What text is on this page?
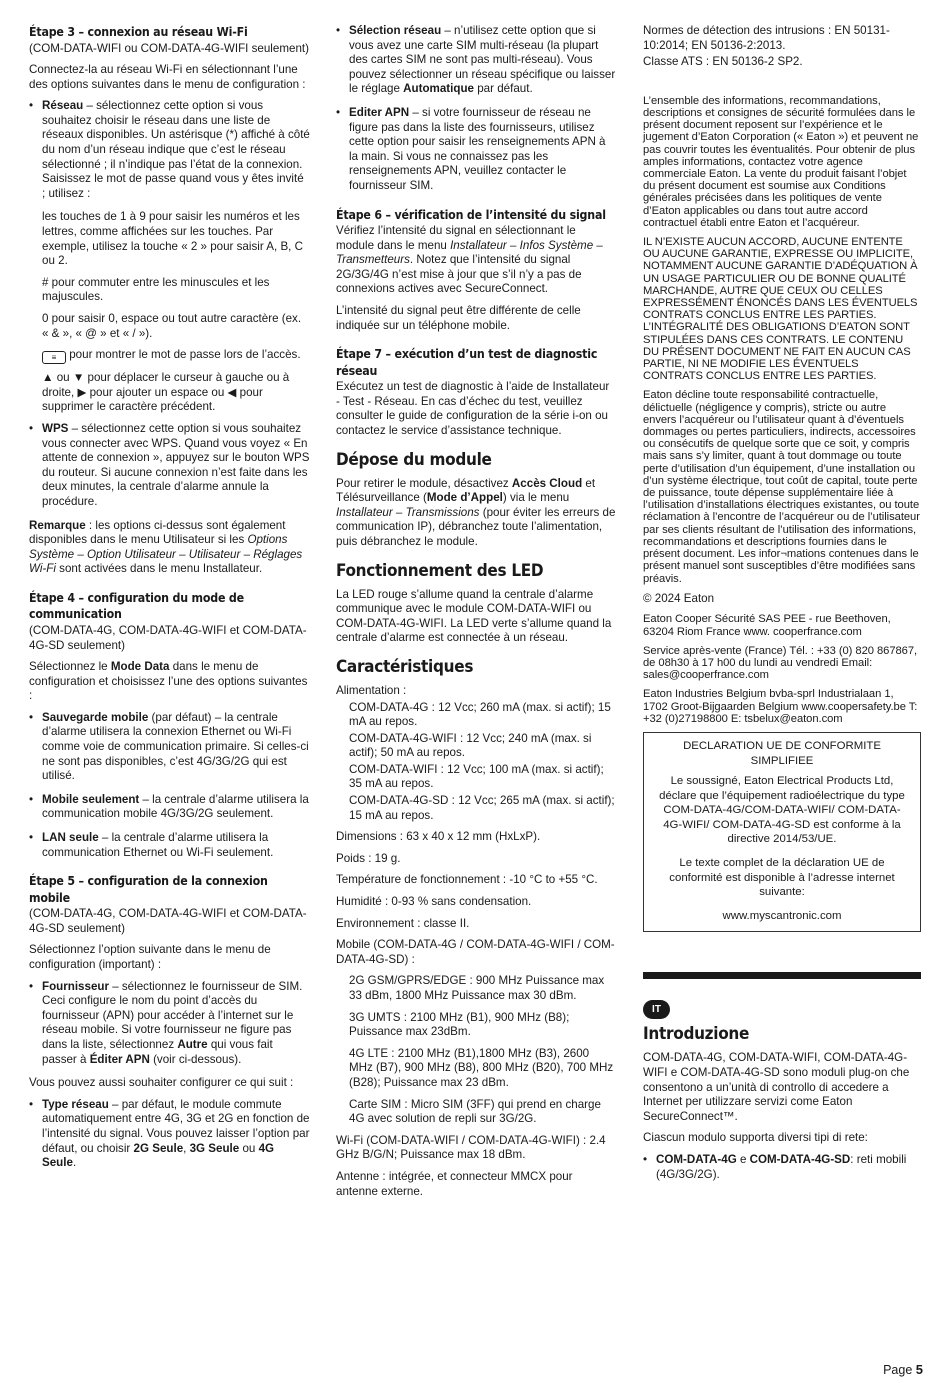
Étape 3 – connexion au réseau Wi-Fi

(COM-DATA-WIFI ou COM-DATA-4G-WIFI seulement)

Connectez-la au réseau Wi-Fi en sélectionnant l’une des options suivantes dans le menu de configuration :

• Réseau – sélectionnez cette option si vous souhaitez choisir le réseau dans une liste de réseaux disponibles. Un astérisque (*) affiché à côté du nom d’un réseau indique que c’est le réseau sélectionné ; il n’indique pas l’état de la connexion. Saisissez le mot de passe quand vous y êtes invité ; utilisez :

les touches de 1 à 9 pour saisir les numéros et les lettres, comme affichées sur les touches. Par exemple, utilisez la touche « 2 » pour saisir A, B, C ou 2.

# pour commuter entre les minuscules et les majuscules.

0 pour saisir 0, espace ou tout autre caractère (ex. « & », « @ » et « / »).

≡ pour montrer le mot de passe lors de l’accès.

▲ ou ▼ pour déplacer le curseur à gauche ou à droite, ▶ pour ajouter un espace ou ◀ pour supprimer le caractère précédent.

• WPS – sélectionnez cette option si vous souhaitez vous connecter avec WPS. Quand vous voyez « En attente de connexion », appuyez sur le bouton WPS du routeur. Si aucune connexion n’est faite dans les deux minutes, la centrale d’alarme annule la procédure.

Remarque : les options ci-dessus sont également disponibles dans le menu Utilisateur si les Options Système – Option Utilisateur – Utilisateur – Réglages Wi-Fi sont activées dans le menu Installateur.

Étape 4 – configuration du mode de communication

(COM-DATA-4G, COM-DATA-4G-WIFI et COM-DATA-4G-SD seulement)

Sélectionnez le Mode Data dans le menu de configuration et choisissez l’une des options suivantes :

• Sauvegarde mobile (par défaut) – la centrale d’alarme utilisera la connexion Ethernet ou Wi-Fi comme voie de communication primaire. Si celles-ci ne sont pas disponibles, c’est 4G/3G/2G qui est utilisé.
• Mobile seulement – la centrale d’alarme utilisera la communication mobile 4G/3G/2G seulement.
• LAN seule – la centrale d’alarme utilisera la communication Ethernet ou Wi-Fi seulement.
Étape 5 – configuration de la connexion mobile

(COM-DATA-4G, COM-DATA-4G-WIFI et COM-DATA-4G-SD seulement)

Sélectionnez l’option suivante dans le menu de configuration (important) :

• Fournisseur – sélectionnez le fournisseur de SIM. Ceci configure le nom du point d’accès du fournisseur (APN) pour accéder à l’internet sur le réseau mobile. Si votre fournisseur ne figure pas dans la liste, sélectionnez Autre qui vous fait passer à Éditer APN (voir ci-dessous).

Vous pouvez aussi souhaiter configurer ce qui suit :

• Type réseau – par défaut, le module commute automatiquement entre 4G, 3G et 2G en fonction de l’intensité du signal. Vous pouvez laisser l’option par défaut, ou choisir 2G Seule, 3G Seule ou 4G Seule.
• Sélection réseau – n’utilisez cette option que si vous avez une carte SIM multi-réseau (la plupart des cartes SIM ne sont pas multi-réseau). Vous pouvez sélectionner un réseau spécifique ou laisser le réglage Automatique par défaut.
• Editer APN – si votre fournisseur de réseau ne figure pas dans la liste des fournisseurs, utilisez cette option pour saisir les renseignements APN à la main. Si vous ne connaissez pas les renseignements APN, veuillez contacter le fournisseur SIM.
Étape 6 – vérification de l’intensité du signal

Vérifiez l’intensité du signal en sélectionnant le module dans le menu Installateur – Infos Système – Transmetteurs. Notez que l’intensité du signal 2G/3G/4G n’est mise à jour que s’il n’y a pas de connexions actives avec SecureConnect.

L’intensité du signal peut être différente de celle indiquée sur un téléphone mobile.

Étape 7 – exécution d’un test de diagnostic réseau

Exécutez un test de diagnostic à l’aide de Installateur - Test - Réseau. En cas d’échec du test, veuillez consulter le guide de configuration de la série i-on ou contactez le service d’assistance technique.

Dépose du module

Pour retirer le module, désactivez Accès Cloud et Télésurveillance (Mode d’Appel) via le menu Installateur – Transmissions (pour éviter les erreurs de communication IP), débranchez toute l’alimentation, puis débranchez le module.

Fonctionnement des LED

La LED rouge s’allume quand la centrale d’alarme communique avec le module COM-DATA-WIFI ou COM-DATA-4G-WIFI. La LED verte s’allume quand la centrale d’alarme est connectée à un réseau.

Caractéristiques

Alimentation :

COM-DATA-4G : 12 Vcc; 260 mA (max. si actif); 15 mA au repos.

COM-DATA-4G-WIFI : 12 Vcc; 240 mA (max. si actif); 50 mA au repos.

COM-DATA-WIFI : 12 Vcc; 100 mA (max. si actif); 35 mA au repos.

COM-DATA-4G-SD : 12 Vcc; 265 mA (max. si actif); 15 mA au repos.

Dimensions : 63 x 40 x 12 mm (HxLxP).

Poids : 19 g.

Température de fonctionnement : -10 °C to +55 °C.

Humidité : 0-93 % sans condensation.

Environnement : classe II.

Mobile (COM-DATA-4G / COM-DATA-4G-WIFI / COM-DATA-4G-SD) :

2G GSM/GPRS/EDGE : 900 MHz Puissance max 33 dBm, 1800 MHz Puissance max 30 dBm.

3G UMTS : 2100 MHz (B1), 900 MHz (B8); Puissance max 23dBm.

4G LTE : 2100 MHz (B1),1800 MHz (B3), 2600 MHz (B7), 900 MHz (B8), 800 MHz (B20), 700 MHz (B28); Puissance max 23 dBm.

Carte SIM : Micro SIM (3FF) qui prend en charge 4G avec solution de repli sur 3G/2G.

Wi-Fi (COM-DATA-WIFI / COM-DATA-4G-WIFI) : 2.4 GHz B/G/N; Puissance max 18 dBm.

Antenne : intégrée, et connecteur MMCX pour antenne externe.

Normes de détection des intrusions : EN 50131-10:2014; EN 50136-2:2013.

Classe ATS : EN 50136-2 SP2.

L’ensemble des informations, recommandations, descriptions et consignes de sécurité formulées dans le présent document reposent sur l’expérience et le jugement d’Eaton Corporation (« Eaton ») et peuvent ne pas couvrir toutes les éventualités. Pour obtenir de plus amples informations, contactez votre agence commerciale Eaton. La vente du produit faisant l’objet du présent document est soumise aux Conditions générales précisées dans les politiques de vente d’Eaton applicables ou dans tout autre accord contractuel établi entre Eaton et l’acquéreur.

IL N’EXISTE AUCUN ACCORD, AUCUNE ENTENTE OU AUCUNE GARANTIE, EXPRESSE OU IMPLICITE, NOTAMMENT AUCUNE GARANTIE D’ADÉQUATION À UN USAGE PARTICULIER OU DE BONNE QUALITÉ MARCHANDE, AUTRE QUE CEUX OU CELLES EXPRESSÉMENT ÉNONCÉS DANS LES ÉVENTUELS CONTRATS CONCLUS ENTRE LES PARTIES. L’INTÉGRALITÉ DES OBLIGATIONS D’EATON SONT STIPULÉES DANS CES CONTRATS. LE CONTENU DU PRÉSENT DOCUMENT NE FAIT EN AUCUN CAS PARTIE, NI NE MODIFIE LES ÉVENTUELS CONTRATS CONCLUS ENTRE LES PARTIES.

Eaton décline toute responsabilité contractuelle, délictuelle (négligence y compris), stricte ou autre envers l’acquéreur ou l’utilisateur quant à d’éventuels dommages ou pertes particuliers, indirects, accessoires ou consécutifs de quelque sorte que ce soit, y compris mais sans s’y limiter, quant à tout dommage ou toute perte d’utilisation d’un équipement, d’une installation ou d’un système électrique, tout coût de capital, toute perte de puissance, toute dépense supplémentaire liée à l’utilisation d’installations électriques existantes, ou toute réclamation à l’encontre de l’acquéreur ou de l’utilisateur par ses clients résultant de l’utilisation des informations, recommandations et descriptions fournies dans le présent document. Les infor¬mations contenues dans le présent manuel sont susceptibles d’être modifiées sans préavis.

© 2024 Eaton

Eaton Cooper Sécurité SAS PEE - rue Beethoven, 63204 Riom France www. cooperfrance.com

Service après-vente (France) Tél. : +33 (0) 820 867867, de 08h30 à 17 h00 du lundi au vendredi Email: sales@cooperfrance.com

Eaton Industries Belgium bvba-sprl Industrialaan 1, 1702 Groot-Bijgaarden Belgium www.coopersafety.be T: +32 (0)27198800 E: tsbelux@eaton.com

DECLARATION UE DE CONFORMITE SIMPLIFIEE

Le soussigné, Eaton Electrical Products Ltd, déclare que l’équipement radioélectrique du type COM-DATA-4G/COM-DATA-WIFI/ COM-DATA-4G-WIFI/ COM-DATA-4G-SD est conforme à la directive 2014/53/UE.

Le texte complet de la déclaration UE de conformité est disponible à l’adresse internet suivante:

www.myscantronic.com

IT
Introduzione

COM-DATA-4G, COM-DATA-WIFI, COM-DATA-4G-WIFI e COM-DATA-4G-SD sono moduli plug-on che consentono a un’unità di controllo di accedere a Internet per utilizzare servizi come Eaton SecureConnect™.

Ciascun modulo supporta diversi tipi di rete:

• COM-DATA-4G e COM-DATA-4G-SD: reti mobili (4G/3G/2G).
Page 5
